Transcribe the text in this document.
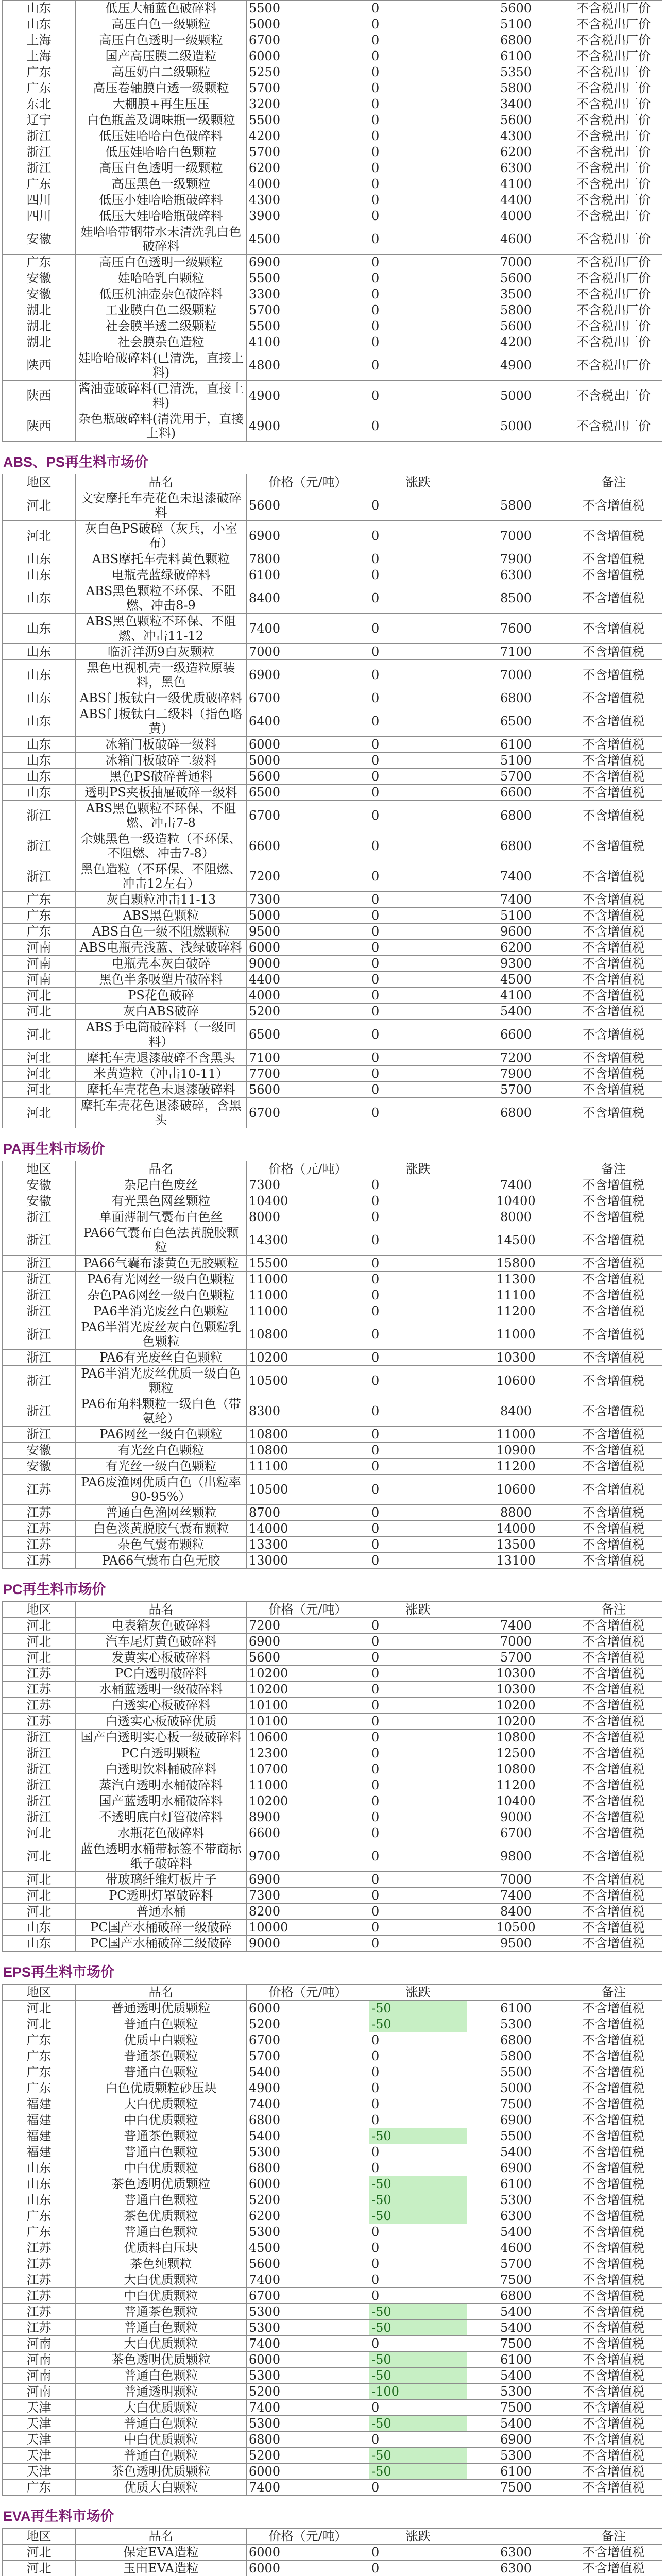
山东	低压大桶蓝色破碎料	5500	0	5600	不含税出厂价
山东	高压白色一级颗粒	5000	0	5100	不含税出厂价
上海	高压白色透明一级颗粒	6700	0	6800	不含税出厂价
上海	国产高压膜二级造粒	6000	0	6100	不含税出厂价
广东	高压奶白二级颗粒	5250	0	5350	不含税出厂价
广东	高压卷轴膜白透一级颗粒	5700	0	5800	不含税出厂价
东北	大棚膜+再生压压	3200	0	3400	不含税出厂价
辽宁	白色瓶盖及调味瓶一级颗粒	5500	0	5600	不含税出厂价
浙江	低压娃哈哈白色破碎料	4200	0	4300	不含税出厂价
浙江	低压娃哈哈白色颗粒	5700	0	6200	不含税出厂价
浙江	高压白色透明一级颗粒	6200	0	6300	不含税出厂价
广东	高压黑色一级颗粒	4000	0	4100	不含税出厂价
四川	低压小娃哈哈瓶破碎料	4300	0	4400	不含税出厂价
四川	低压大娃哈哈瓶破碎料	3900	0	4000	不含税出厂价
安徽	娃哈哈带钢带水未清洗乳白色破碎料	4500	0	4600	不含税出厂价
广东	高压白色透明一级颗粒	6900	0	7000	不含税出厂价
安徽	娃哈哈乳白颗粒	5500	0	5600	不含税出厂价
安徽	低压机油壶杂色破碎料	3300	0	3500	不含税出厂价
湖北	工业膜白色二级颗粒	5700	0	5800	不含税出厂价
湖北	社会膜半透二级颗粒	5500	0	5600	不含税出厂价
湖北	社会膜杂色造粒	4100	0	4200	不含税出厂价
陕西	娃哈哈破碎料(已清洗，直接上料)	4800	0	4900	不含税出厂价
陕西	酱油壶破碎料(已清洗，直接上料)	4900	0	5000	不含税出厂价
陕西	杂色瓶破碎料(清洗用于，直接上料)	4900	0	5000	不含税出厂价
ABS、PS再生料市场价
地区	品名	价格（元/吨）	涨跌		备注
河北	文安摩托车壳花色未退漆破碎料	5600	0	5800	不含增值税
河北	灰白色PS破碎（灰兵，小室布）	6900	0	7000	不含增值税
山东	ABS摩托车壳料黄色颗粒	7800	0	7900	不含增值税
山东	电瓶壳蓝绿破碎料	6100	0	6300	不含增值税
山东	ABS黑色颗粒不环保、不阻燃、冲击8-9	8400	0	8500	不含增值税
山东	ABS黑色颗粒不环保、不阻燃、冲击11-12	7400	0	7600	不含增值税
山东	临沂洋沥9白灰颗粒	7000	0	7100	不含增值税
山东	黑色电视机壳一级造粒原装料，黑色	6900	0	7000	不含增值税
山东	ABS门板钛白一级优质破碎料	6700	0	6800	不含增值税
山东	ABS门板钛白二级料（指色略黄）	6400	0	6500	不含增值税
山东	冰箱门板破碎一级料	6000	0	6100	不含增值税
山东	冰箱门板破碎二级料	5000	0	5100	不含增值税
山东	黑色PS破碎普通料	5600	0	5700	不含增值税
山东	透明PS夹板抽屉破碎一级料	6500	0	6600	不含增值税
浙江	ABS黑色颗粒不环保、不阻燃、冲击7-8	6700	0	6800	不含增值税
浙江	余姚黑色一级造粒（不环保、不阻燃、冲击7-8）	6600	0	6800	不含增值税
浙江	黑色造粒（不环保、不阻燃、冲击12左右）	7200	0	7400	不含增值税
广东	灰白颗粒冲击11-13	7300	0	7400	不含增值税
广东	ABS黑色颗粒	5000	0	5100	不含增值税
广东	ABS白色一级不阻燃颗粒	9500	0	9600	不含增值税
河南	ABS电瓶壳浅蓝、浅绿破碎料	6000	0	6200	不含增值税
河南	电瓶壳本灰白破碎	9000	0	9300	不含增值税
河南	黑色半条吸塑片破碎料	4400	0	4500	不含增值税
河北	PS花色破碎	4000	0	4100	不含增值税
河北	灰白ABS破碎	5200	0	5400	不含增值税
河北	ABS手电筒破碎料（一级回料）	6500	0	6600	不含增值税
河北	摩托车壳退漆破碎不含黑头	7100	0	7200	不含增值税
河北	米黄造粒（冲击10-11）	7700	0	7900	不含增值税
河北	摩托车壳花色未退漆破碎料	5600	0	5700	不含增值税
河北	摩托车壳花色退漆破碎，含黑头	6700	0	6800	不含增值税
PA再生料市场价
地区	品名	价格（元/吨）	涨跌		备注
安徽	杂尼白色废丝	7300	0	7400	不含增值税
安徽	有光黑色网丝颗粒	10400	0	10400	不含增值税
浙江	单面薄制气囊布白色丝	8000	0	8000	不含增值税
浙江	PA66气囊布白色法黄脱胶颗粒	14300	0	14500	不含增值税
浙江	PA66气囊布漆黄色无胶颗粒	15500	0	15800	不含增值税
浙江	PA6有光网丝一级白色颗粒	11000	0	11300	不含增值税
浙江	杂色PA6网丝一级白色颗粒	11000	0	11100	不含增值税
浙江	PA6半消光废丝白色颗粒	11000	0	11200	不含增值税
浙江	PA6半消光废丝灰白色颗粒乳色颗粒	10800	0	11000	不含增值税
浙江	PA6有光废丝白色颗粒	10200	0	10300	不含增值税
浙江	PA6半消光废丝优质一级白色颗粒	10500	0	10600	不含增值税
浙江	PA6布角料颗粒一级白色（带氨纶）	8300	0	8400	不含增值税
浙江	PA6网丝一级白色颗粒	10800	0	11000	不含增值税
安徽	有光丝白色颗粒	10800	0	10900	不含增值税
安徽	有光丝一级白色颗粒	11100	0	11200	不含增值税
江苏	PA6废渔网优质白色（出粒率90-95%）	10500	0	10600	不含增值税
江苏	普通白色渔网丝颗粒	8700	0	8800	不含增值税
江苏	白色淡黄脱胶气囊布颗粒	14000	0	14000	不含增值税
江苏	杂色气囊布颗粒	13300	0	13500	不含增值税
江苏	PA66气囊布白色无胶	13000	0	13100	不含增值税
PC再生料市场价
地区	品名	价格（元/吨）	涨跌		备注
河北	电表箱灰色破碎料	7200	0	7400	不含增值税
河北	汽车尾灯黄色破碎料	6900	0	7000	不含增值税
河北	发黄实心板破碎料	5600	0	5700	不含增值税
江苏	PC白透明破碎料	10200	0	10300	不含增值税
江苏	水桶蓝透明一级破碎料	10200	0	10300	不含增值税
江苏	白透实心板破碎料	10100	0	10200	不含增值税
江苏	白透实心板破碎优质	10100	0	10200	不含增值税
浙江	国产白透明实心板一级破碎料	10600	0	10800	不含增值税
浙江	PC白透明颗粒	12300	0	12500	不含增值税
浙江	白透明饮料桶破碎料	10700	0	10800	不含增值税
浙江	蒸汽白透明水桶破碎料	11000	0	11200	不含增值税
浙江	国产蓝透明水桶破碎料	10200	0	10400	不含增值税
浙江	不透明底白灯管破碎料	8900	0	9000	不含增值税
河北	水瓶花色破碎料	6600	0	6700	不含增值税
河北	蓝色透明水桶带标签不带商标纸子破碎料	9700	0	9800	不含增值税
河北	带玻璃纤维灯板片子	6900	0	7000	不含增值税
河北	PC透明灯罩破碎料	7300	0	7400	不含增值税
河北	普通水桶	8200	0	8400	不含增值税
山东	PC国产水桶破碎一级破碎	10000	0	10500	不含增值税
山东	PC国产水桶破碎二级破碎	9000	0	9500	不含增值税
EPS再生料市场价
地区	品名	价格（元/吨）	涨跌		备注
河北	普通透明优质颗粒	6000	-50	6100	不含增值税
河北	普通白色颗粒	5200	-50	5300	不含增值税
广东	优质中白颗粒	6700	0	6800	不含增值税
广东	普通茶色颗粒	5700	0	5800	不含增值税
广东	普通白色颗粒	5400	0	5500	不含增值税
广东	白色优质颗粒砂压块	4900	0	5000	不含增值税
福建	大白优质颗粒	7400	0	7500	不含增值税
福建	中白优质颗粒	6800	0	6900	不含增值税
福建	普通茶色颗粒	5400	-50	5500	不含增值税
福建	普通白色颗粒	5300	0	5400	不含增值税
山东	中白优质颗粒	6800	0	6900	不含增值税
山东	茶色透明优质颗粒	6000	-50	6100	不含增值税
山东	普通白色颗粒	5200	-50	5300	不含增值税
广东	茶色优质颗粒	6200	-50	6300	不含增值税
广东	普通白色颗粒	5300	0	5400	不含增值税
江苏	优质料白压块	4500	0	4600	不含增值税
江苏	茶色纯颗粒	5600	0	5700	不含增值税
江苏	大白优质颗粒	7400	0	7500	不含增值税
江苏	中白优质颗粒	6700	0	6800	不含增值税
江苏	普通茶色颗粒	5300	-50	5400	不含增值税
江苏	普通白色颗粒	5300	-50	5400	不含增值税
河南	大白优质颗粒	7400	0	7500	不含增值税
河南	茶色透明优质颗粒	6000	-50	6100	不含增值税
河南	普通白色颗粒	5300	-50	5400	不含增值税
河南	普通透明颗粒	5200	-100	5300	不含增值税
天津	大白优质颗粒	7400	0	7500	不含增值税
天津	普通白色颗粒	5300	-50	5400	不含增值税
天津	中白优质颗粒	6800	0	6900	不含增值税
天津	普通白色颗粒	5200	-50	5300	不含增值税
天津	茶色透明优质颗粒	6000	-50	6100	不含增值税
广东	优质大白颗粒	7400	0	7500	不含增值税
EVA再生料市场价
地区	品名	价格（元/吨）	涨跌		备注
河北	保定EVA造粒	6000	0	6300	不含增值税
河北	玉田EVA造粒	6000	0	6300	不含增值税
